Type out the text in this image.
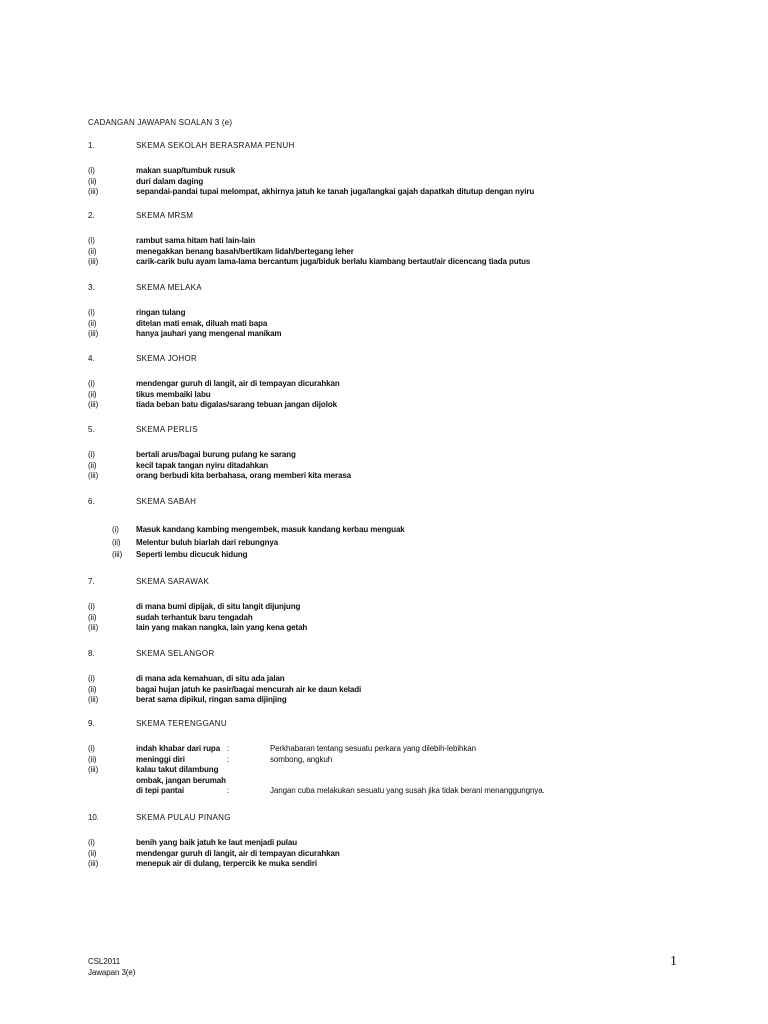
CADANGAN JAWAPAN SOALAN 3 (e)
1.	SKEMA SEKOLAH BERASRAMA PENUH
(i)	makan suap/tumbuk rusuk
(ii)	duri dalam daging
(iii)	sepandai-pandai tupai melompat, akhirnya jatuh ke tanah juga/langkai gajah dapatkah ditutup dengan nyiru
2.	SKEMA MRSM
(i)	rambut sama hitam hati lain-lain
(ii)	menegakkan benang basah/bertikam lidah/bertegang leher
(iii)	carik-carik bulu ayam lama-lama bercantum juga/biduk berlalu kiambang bertaut/air dicencang tiada putus
3.	SKEMA MELAKA
(i)	ringan tulang
(ii)	ditelan mati emak, diluah mati bapa
(iii)	hanya jauhari yang mengenal manikam
4.	SKEMA JOHOR
(i)	mendengar guruh di langit, air di tempayan dicurahkan
(ii)	tikus membaiki labu
(iii)	tiada beban batu digalas/sarang tebuan jangan dijolok
5.	SKEMA PERLIS
(i)	bertali arus/bagai burung pulang ke sarang
(ii)	kecil tapak tangan nyiru ditadahkan
(iii)	orang berbudi kita berbahasa, orang memberi kita merasa
6.	SKEMA SABAH
(i) Masuk kandang kambing mengembek, masuk kandang kerbau menguak
(ii) Melentur buluh biarlah dari rebungnya
(iii) Seperti lembu dicucuk hidung
7.	SKEMA SARAWAK
(i)	di mana bumi dipijak, di situ langit dijunjung
(ii)	sudah terhantuk baru tengadah
(iii)	lain yang makan nangka, lain yang kena getah
8.	SKEMA SELANGOR
(i)	di mana ada kemahuan, di situ ada jalan
(ii)	bagai hujan jatuh ke pasir/bagai mencurah air ke daun keladi
(iii)	berat sama dipikul, ringan sama dijinjing
9.	SKEMA TERENGGANU
(i)	indah khabar dari rupa :	Perkhabaran tentang sesuatu perkara yang dilebih-lebihkan
(ii)	meninggi diri	:	sombong, angkuh
(iii)	kalau takut dilambung
ombak, jangan berumah
di tepi pantai	:	Jangan cuba melakukan sesuatu yang susah jika tidak berani menanggungnya.
10.	SKEMA PULAU PINANG
(i)	benih yang baik jatuh ke laut menjadi pulau
(ii)	mendengar guruh di langit, air di tempayan dicurahkan
(iii)	menepuk air di dulang, terpercik ke muka sendiri
CSL2011
Jawapan 3(e)
1
